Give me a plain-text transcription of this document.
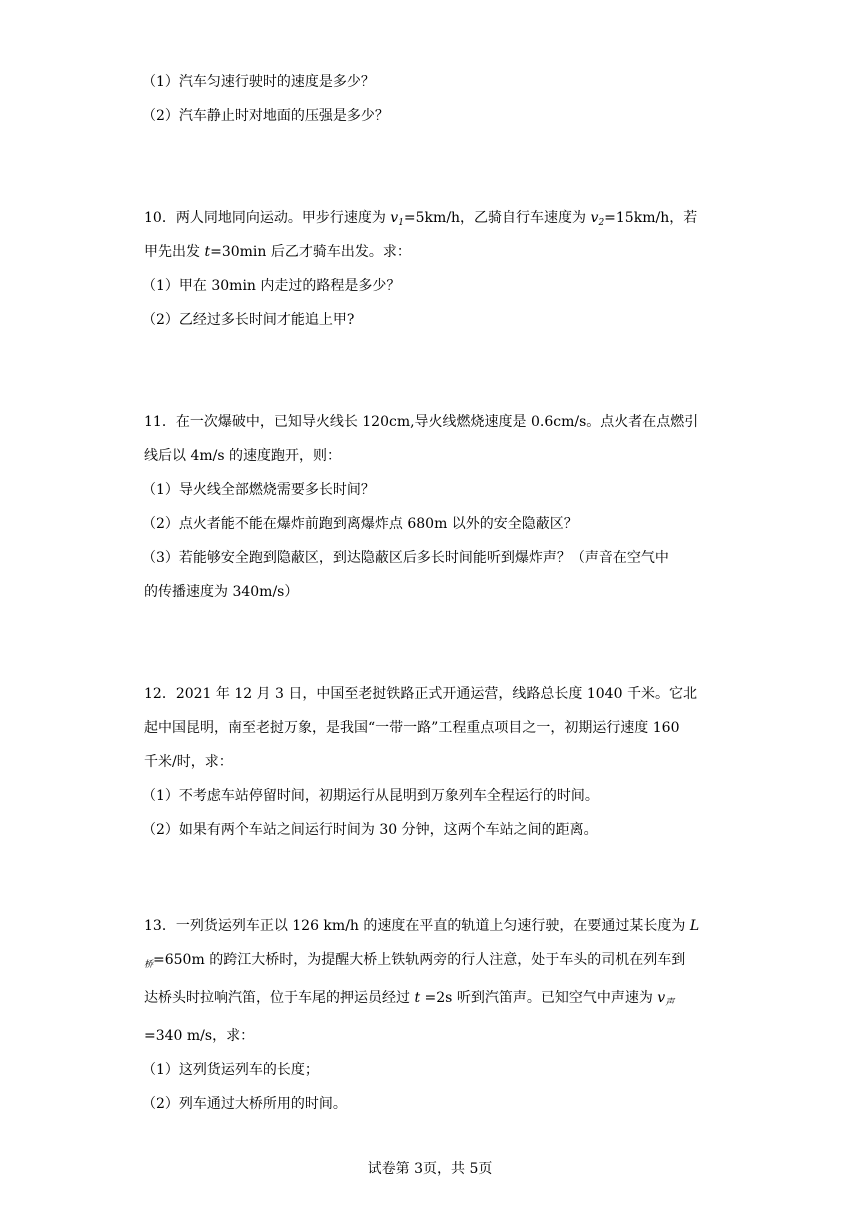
（1）汽车匀速行驶时的速度是多少？
（2）汽车静止时对地面的压强是多少？
10．两人同地同向运动。甲步行速度为 $v_1=5km/h$，乙骑自行车速度为 $v_2=15km/h$，若
甲先出发 t=30min 后乙才骑车出发。求：
（1）甲在 30min 内走过的路程是多少？
（2）乙经过多长时间才能追上甲?
11．在一次爆破中，已知导火线长 120cm,导火线燃烧速度是 0.6cm/s。点火者在点燃引
线后以 4m/s 的速度跑开，则：
（1）导火线全部燃烧需要多长时间？
（2）点火者能不能在爆炸前跑到离爆炸点 680m 以外的安全隐蔽区？
（3）若能够安全跑到隐蔽区，到达隐蔽区后多长时间能听到爆炸声？（声音在空气中
的传播速度为 340m/s）
12．2021 年 12 月 3 日，中国至老挝铁路正式开通运营，线路总长度 1040 千米。它北
起中国昆明，南至老挝万象，是我国“一带一路”工程重点项目之一，初期运行速度 160
千米/时，求：
（1）不考虑车站停留时间，初期运行从昆明到万象列车全程运行的时间。
（2）如果有两个车站之间运行时间为 30 分钟，这两个车站之间的距离。
13．一列货运列车正以 126 km/h 的速度在平直的轨道上匀速行驶，在要通过某长度为 L
$_桥$=650m 的跨江大桥时，为提醒大桥上铁轨两旁的行人注意，处于车头的司机在列车到
达桥头时拉响汽笛，位于车尾的押运员经过 t =2s 听到汽笛声。已知空气中声速为 $v_声$
=340 m/s，求：
（1）这列货运列车的长度；
（2）列车通过大桥所用的时间。
试卷第 3页，共 5页
